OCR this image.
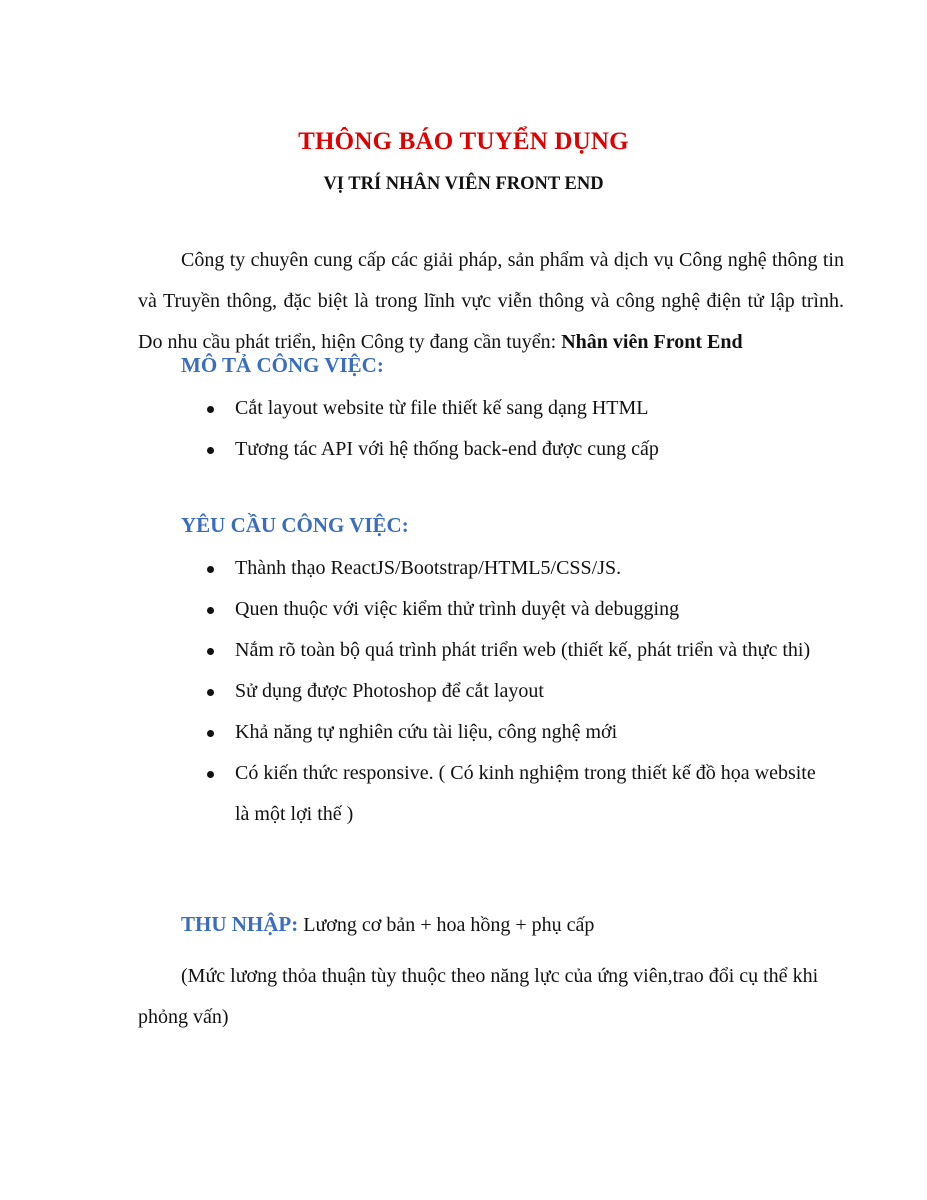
THÔNG BÁO TUYỂN DỤNG
VỊ TRÍ NHÂN VIÊN FRONT END

Công ty chuyên cung cấp các giải pháp, sản phẩm và dịch vụ Công nghệ thông tin và Truyền thông, đặc biệt là trong lĩnh vực viễn thông và công nghệ điện tử lập trình. Do nhu cầu phát triển, hiện Công ty đang cần tuyển: Nhân viên Front End

MÔ TẢ CÔNG VIỆC:
Cắt layout website từ file thiết kế sang dạng HTML
Tương tác API với hệ thống back-end được cung cấp
YÊU CẦU CÔNG VIỆC:
Thành thạo ReactJS/Bootstrap/HTML5/CSS/JS.
Quen thuộc với việc kiểm thử trình duyệt và debugging
Nắm rõ toàn bộ quá trình phát triển web (thiết kế, phát triển và thực thi)
Sử dụng được Photoshop để cắt layout
Khả năng tự nghiên cứu tài liệu, công nghệ mới
Có kiến thức responsive. ( Có kinh nghiệm trong thiết kế đồ họa website là một lợi thế )

THU NHẬP: Lương cơ bản + hoa hồng + phụ cấp

(Mức lương thỏa thuận tùy thuộc theo năng lực của ứng viên,trao đổi cụ thể khi phỏng vấn)
